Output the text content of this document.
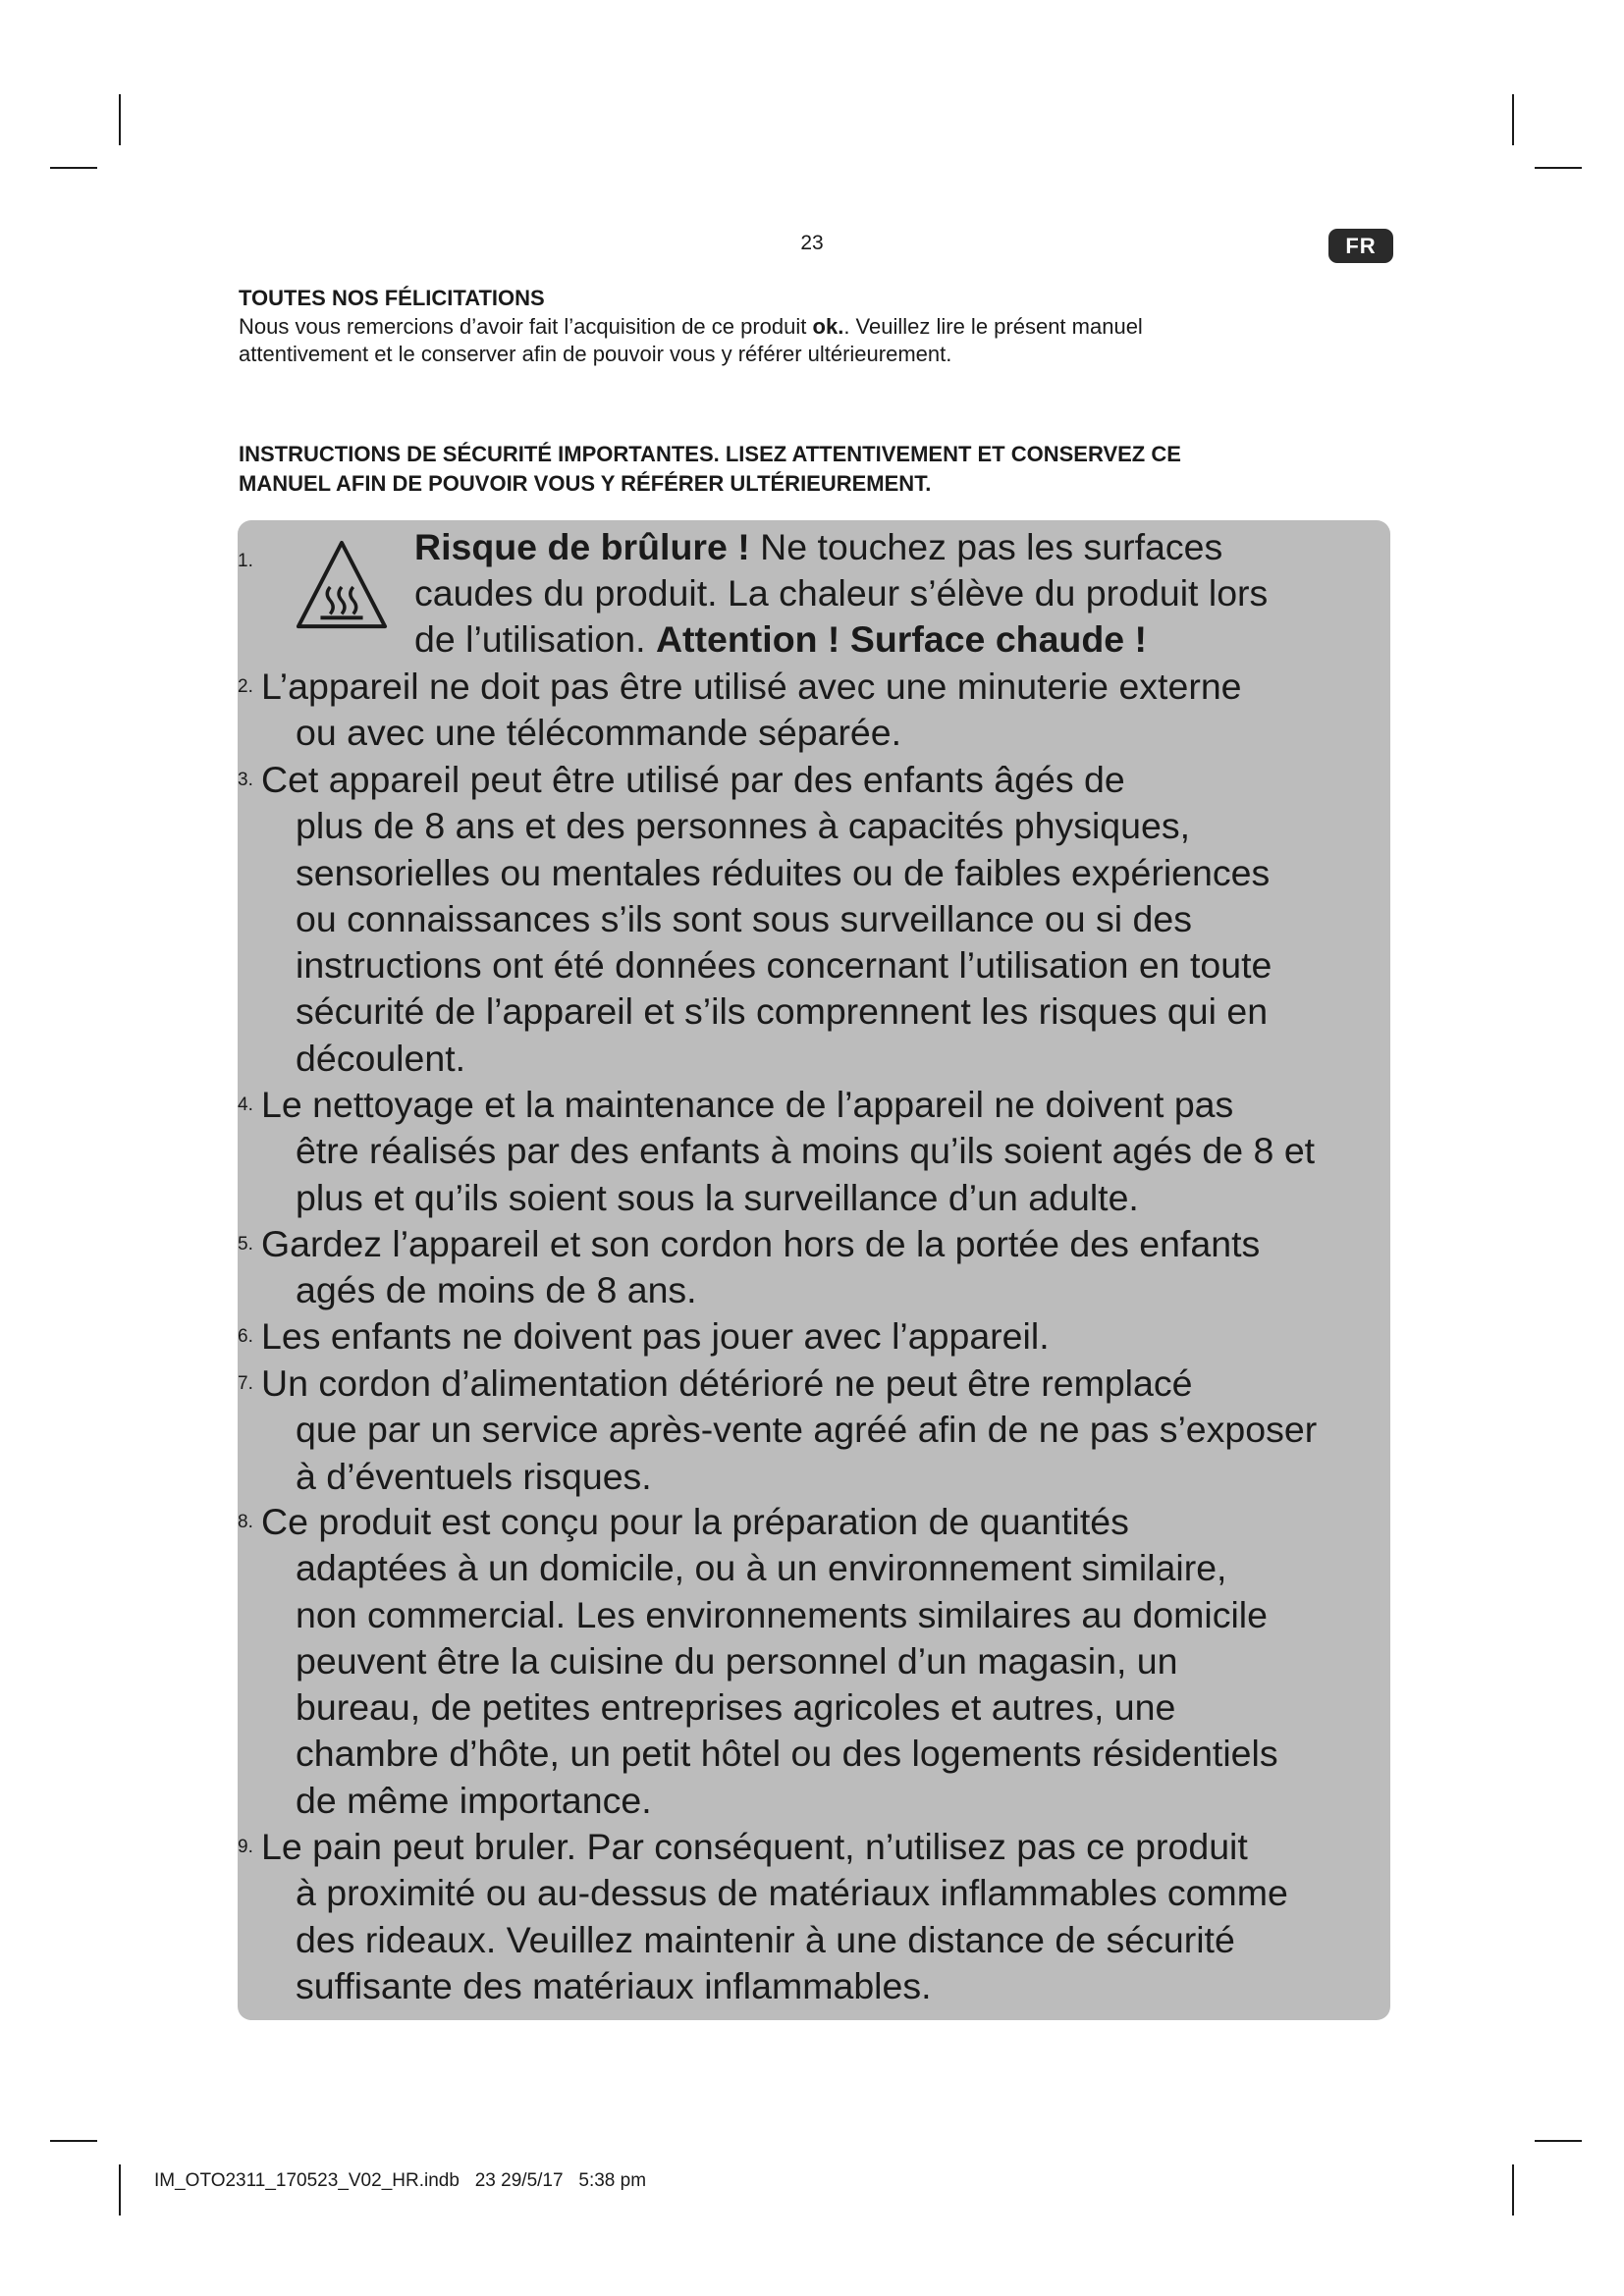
23	FR
TOUTES NOS FÉLICITATIONS
Nous vous remercions d’avoir fait l’acquisition de ce produit ok.. Veuillez lire le présent manuel
attentivement et le conserver afin de pouvoir vous y référer ultérieurement.
INSTRUCTIONS DE SÉCURITÉ IMPORTANTES. LISEZ ATTENTIVEMENT ET CONSERVEZ CE
MANUEL AFIN DE POUVOIR VOUS Y RÉFÉRER ULTÉRIEUREMENT.
1.	Risque de brûlure ! Ne touchez pas les surfaces
caudes du produit. La chaleur s’élève du produit lors
de l’utilisation. Attention ! Surface chaude !
2. L’appareil ne doit pas être utilisé avec une minuterie externe
ou avec une télécommande séparée.
3. Cet appareil peut être utilisé par des enfants âgés de
plus de 8 ans et des personnes à capacités physiques,
sensorielles ou mentales réduites ou de faibles expériences
ou connaissances s’ils sont sous surveillance ou si des
instructions ont été données concernant l’utilisation en toute
sécurité de l’appareil et s’ils comprennent les risques qui en
découlent.
4. Le nettoyage et la maintenance de l’appareil ne doivent pas
être réalisés par des enfants à moins qu’ils soient agés de 8 et
plus et qu’ils soient sous la surveillance d’un adulte.
5. Gardez l’appareil et son cordon hors de la portée des enfants
agés de moins de 8 ans.
6. Les enfants ne doivent pas jouer avec l’appareil.
7. Un cordon d’alimentation détérioré ne peut être remplacé
que par un service après-vente agréé afin de ne pas s’exposer
à d’éventuels risques.
8. Ce produit est conçu pour la préparation de quantités
adaptées à un domicile, ou à un environnement similaire,
non commercial. Les environnements similaires au domicile
peuvent être la cuisine du personnel d’un magasin, un
bureau, de petites entreprises agricoles et autres, une
chambre d’hôte, un petit hôtel ou des logements résidentiels
de même importance.
9. Le pain peut bruler. Par conséquent, n’utilisez pas ce produit
à proximité ou au-dessus de matériaux inflammables comme
des rideaux. Veuillez maintenir à une distance de sécurité
suffisante des matériaux inflammables.
IM_OTO2311_170523_V02_HR.indb   23 29/5/17   5:38 pm
